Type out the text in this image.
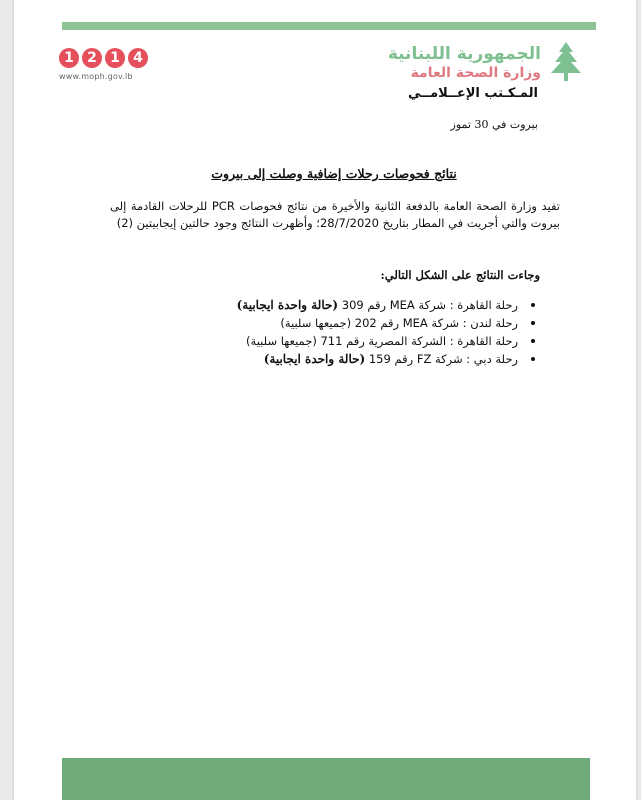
1 2 1 4
www.moph.gov.lb
الجمهورية اللبنانية
وزارة الصحة العامة
المـكـتب الإعــلامــي
بيروت في 30 تموز
نتائج فحوصات رحلات إضافية وصلت إلى بيروت
تفيد وزارة الصحة العامة بالدفعة الثانية والأخيرة من نتائج فحوصات PCR للرحلات القادمة إلى بيروت والتي أجريت في المطار بتاريخ 28/7/2020؛ وأظهرت النتائج وجود حالتين إيجابيتين (2)
وجاءت النتائج على الشكل التالي:
رحلة القاهرة : شركة MEA رقم 309 (حالة واحدة ايجابية)
رحلة لندن : شركة MEA رقم 202 (جميعها سلبية)
رحلة القاهرة : الشركة المصرية رقم 711 (جميعها سلبية)
رحلة دبي : شركة FZ رقم 159 (حالة واحدة ايجابية)
